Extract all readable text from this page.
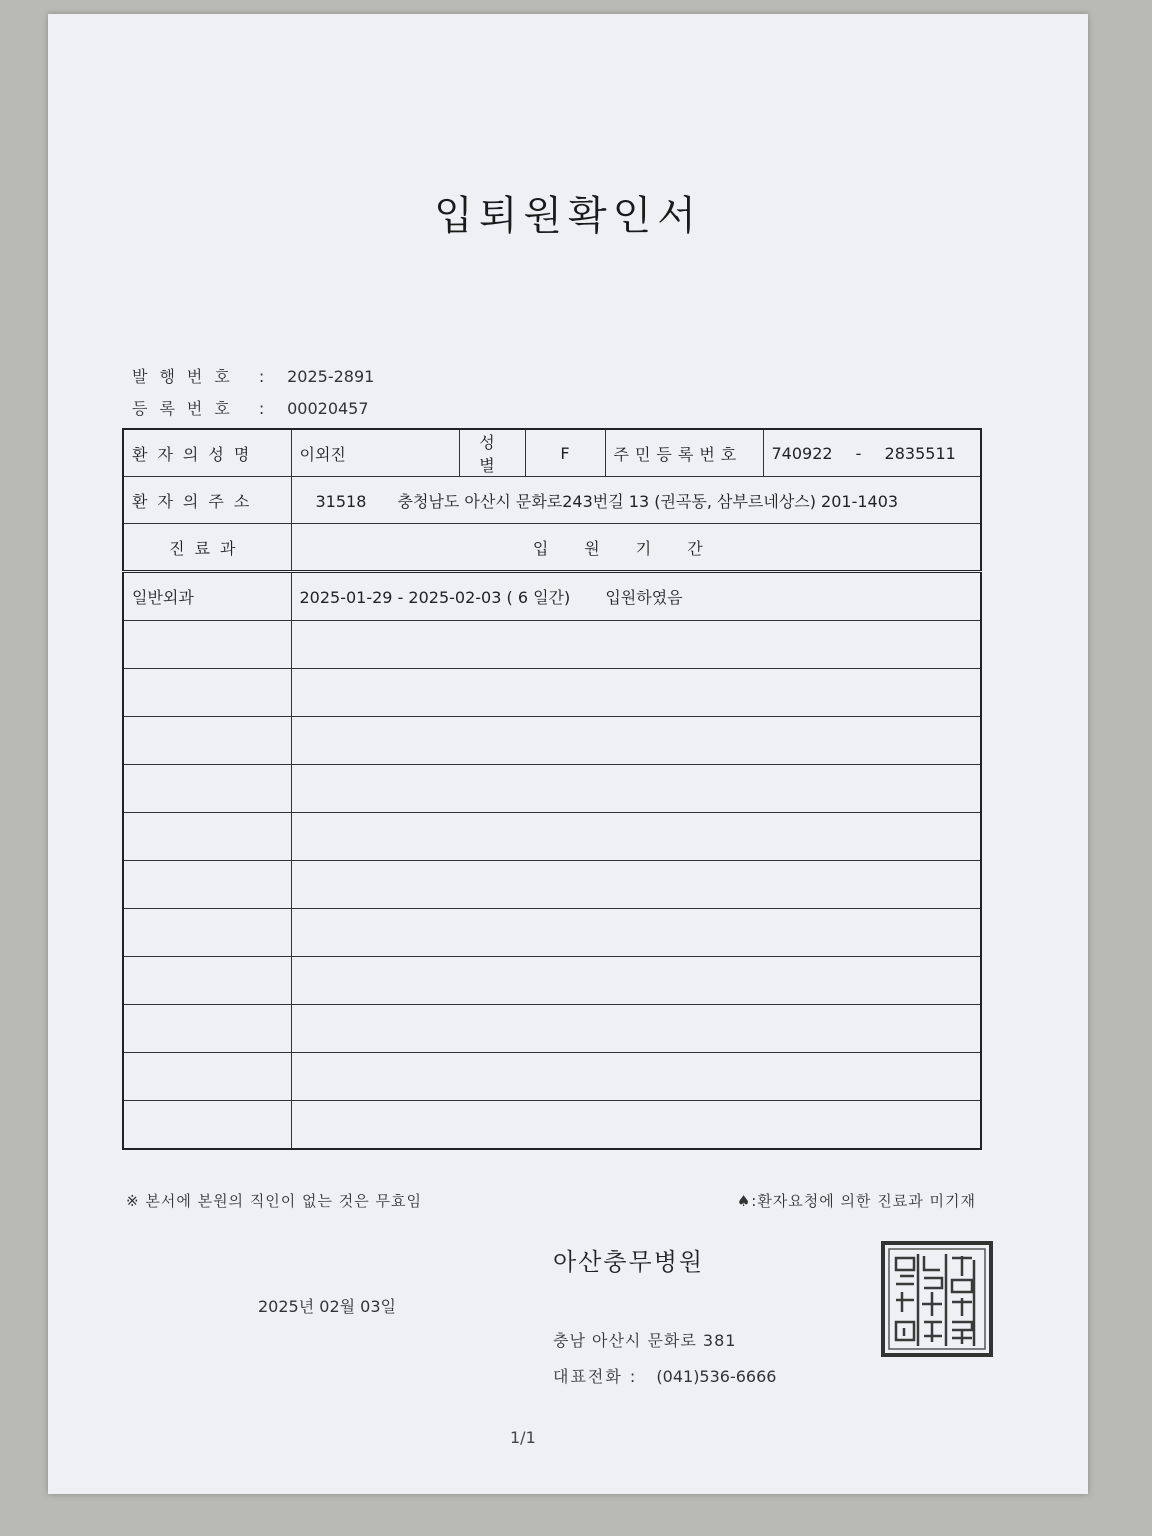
입퇴원확인서
발행번호 : 2025-2891
등록번호 : 00020457
환자의성명	이외진	성별	F	주민등록번호	740922 - 2835511
환자의주소	31518 충청남도 아산시 문화로243번길 13 (권곡동, 삼부르네상스) 201-1403				
진료과	입원기간				
일반외과	2025-01-29 - 2025-02-03 ( 6 일간) 입원하였음				

※ 본서에 본원의 직인이 없는 것은 무효임	♠:환자요청에 의한 진료과 미기재
아산충무병원
2025년 02월 03일
충남 아산시 문화로 381
대표전화 : (041)536-6666
1/1
